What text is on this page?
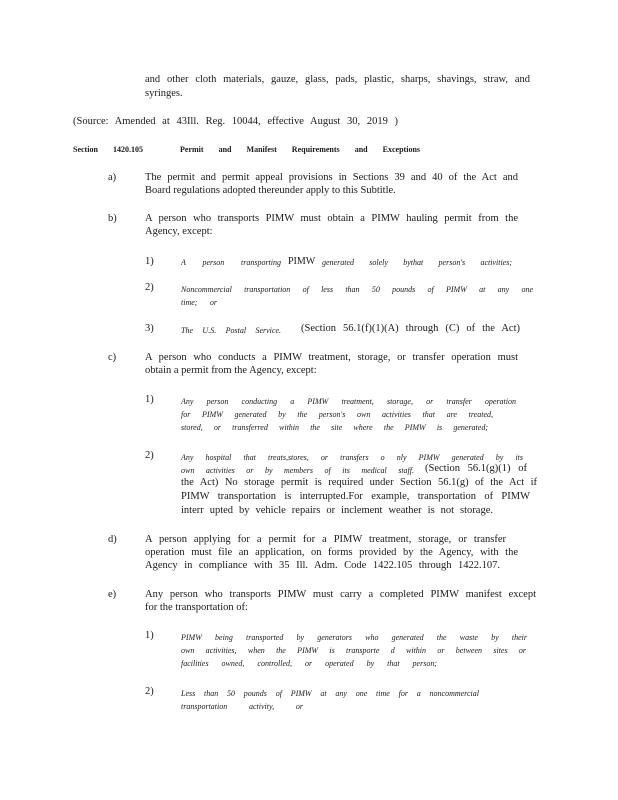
and other cloth materials, gauze, glass, pads, plastic, sharps, shavings, straw, and
syringes.
(Source: Amended at 43Ill. Reg. 10044, effective August 30, 2019 )
Section 1420.105	Permit and Manifest Requirements and Exceptions
a)	The permit and permit appeal provisions in Sections 39 and 40 of the Act and
Board regulations adopted thereunder apply to this Subtitle.
b)	A person who transports PIMW must obtain a PIMW hauling permit from the
Agency, except:
1)	A person transporting PIMW generated solely bythat person's activities;
2)	Noncommercial transportation of less than 50 pounds of PIMW at any one
time; or
3)	The U.S. Postal Service. (Section 56.1(f)(1)(A) through (C) of the Act)
c)	A person who conducts a PIMW treatment, storage, or transfer operation must
obtain a permit from the Agency, except:
1)	Any person conducting a PIMW treatment, storage, or transfer operation
for PIMW generated by the person's own activities that are treated,
stored, or transferred within the site where the PIMW is generated;
2)	Any hospital that treats,stores, or transfers o nly PIMW generated by its
own activities or by members of its medical staff. (Section 56.1(g)(1) of
the Act) No storage permit is required under Section 56.1(g) of the Act if
PIMW transportation is interrupted.For example, transportation of PIMW
interr upted by vehicle repairs or inclement weather is not storage.
d)	A person applying for a permit for a PIMW treatment, storage, or transfer
operation must file an application, on forms provided by the Agency, with the
Agency in compliance with 35 Ill. Adm. Code 1422.105 through 1422.107.
e)	Any person who transports PIMW must carry a completed PIMW manifest except
for the transportation of:
1)	PIMW being transported by generators who generated the waste by their
own activities, when the PIMW is transporte d within or between sites or
facilities owned, controlled, or operated by that person;
2)	Less than 50 pounds of PIMW at any one time for a noncommercial
transportation activity, or
